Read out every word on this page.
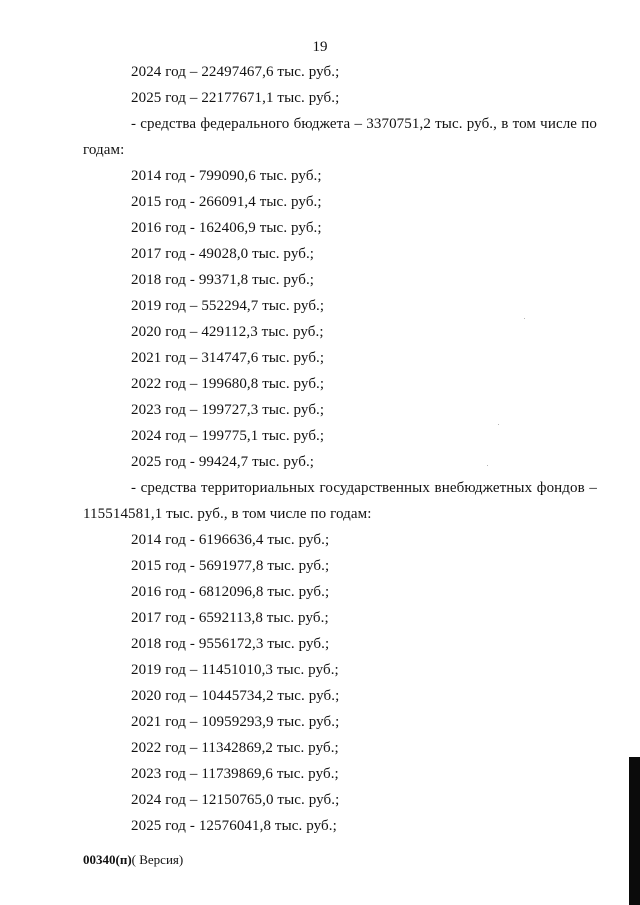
19
2024 год – 22497467,6 тыс. руб.;
2025 год – 22177671,1 тыс. руб.;
- средства федерального бюджета – 3370751,2 тыс. руб., в том числе по
годам:
2014 год - 799090,6 тыс. руб.;
2015 год - 266091,4 тыс. руб.;
2016 год - 162406,9 тыс. руб.;
2017 год - 49028,0 тыс. руб.;
2018 год - 99371,8 тыс. руб.;
2019 год – 552294,7 тыс. руб.;
2020 год – 429112,3 тыс. руб.;
2021 год – 314747,6 тыс. руб.;
2022 год – 199680,8 тыс. руб.;
2023 год – 199727,3 тыс. руб.;
2024 год – 199775,1 тыс. руб.;
2025 год - 99424,7 тыс. руб.;
- средства территориальных государственных внебюджетных фондов –
115514581,1 тыс. руб., в том числе по годам:
2014 год - 6196636,4 тыс. руб.;
2015 год - 5691977,8 тыс. руб.;
2016 год - 6812096,8 тыс. руб.;
2017 год - 6592113,8 тыс. руб.;
2018 год - 9556172,3 тыс. руб.;
2019 год – 11451010,3 тыс. руб.;
2020 год – 10445734,2 тыс. руб.;
2021 год – 10959293,9 тыс. руб.;
2022 год – 11342869,2 тыс. руб.;
2023 год – 11739869,6 тыс. руб.;
2024 год – 12150765,0 тыс. руб.;
2025 год - 12576041,8 тыс. руб.;
00340(п)( Версия)
